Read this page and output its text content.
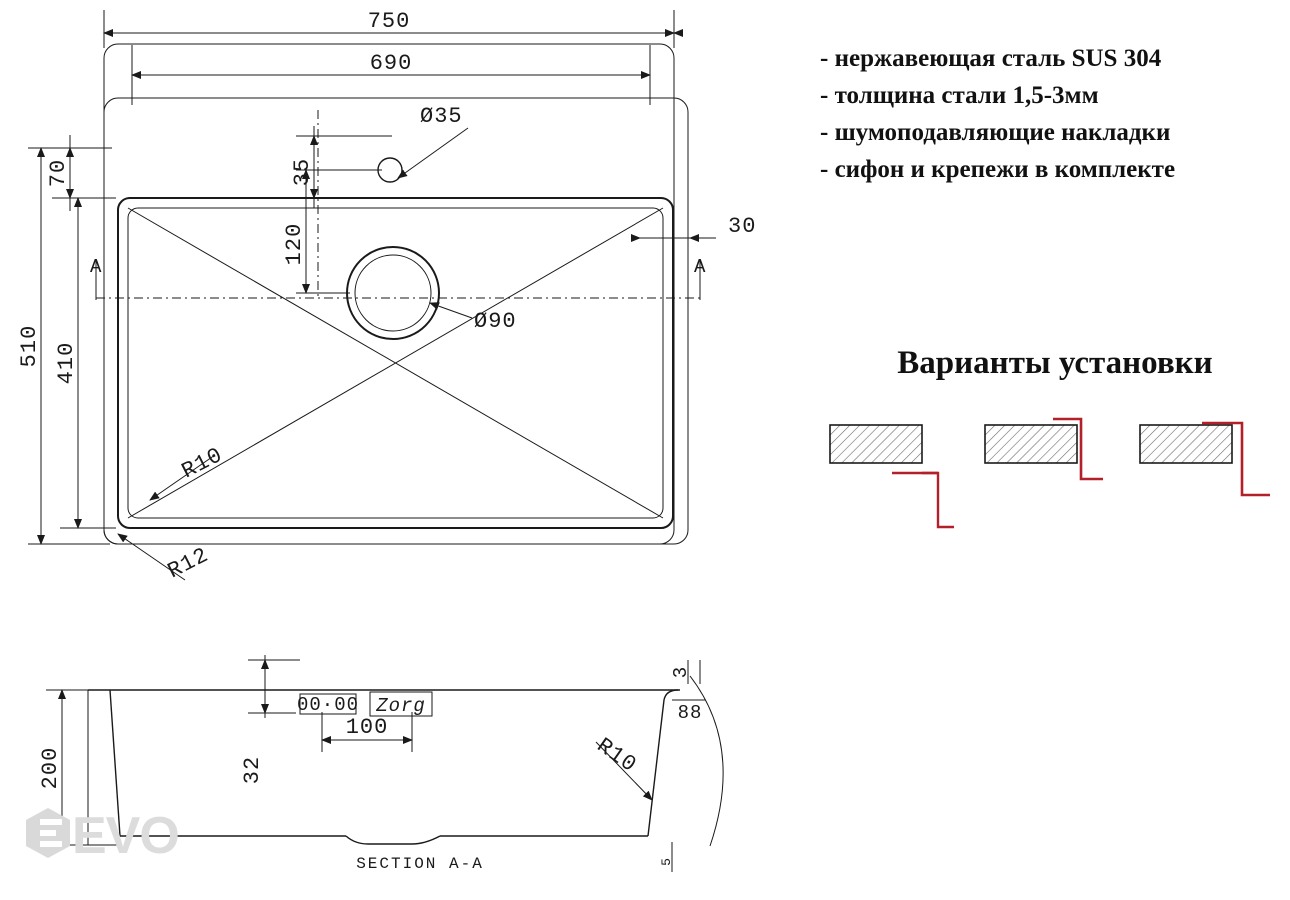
750
690
510
70
410
35
120
Ø35
Ø90
30
A	A
R10
R12
200	32
100
00·00 Zorg
3
88
R10
5
SECTION A-A
- нержавеющая сталь SUS 304
- толщина стали 1,5-3мм
- шумоподавляющие накладки
- сифон и крепежи в комплекте
Варианты установки
EVO
